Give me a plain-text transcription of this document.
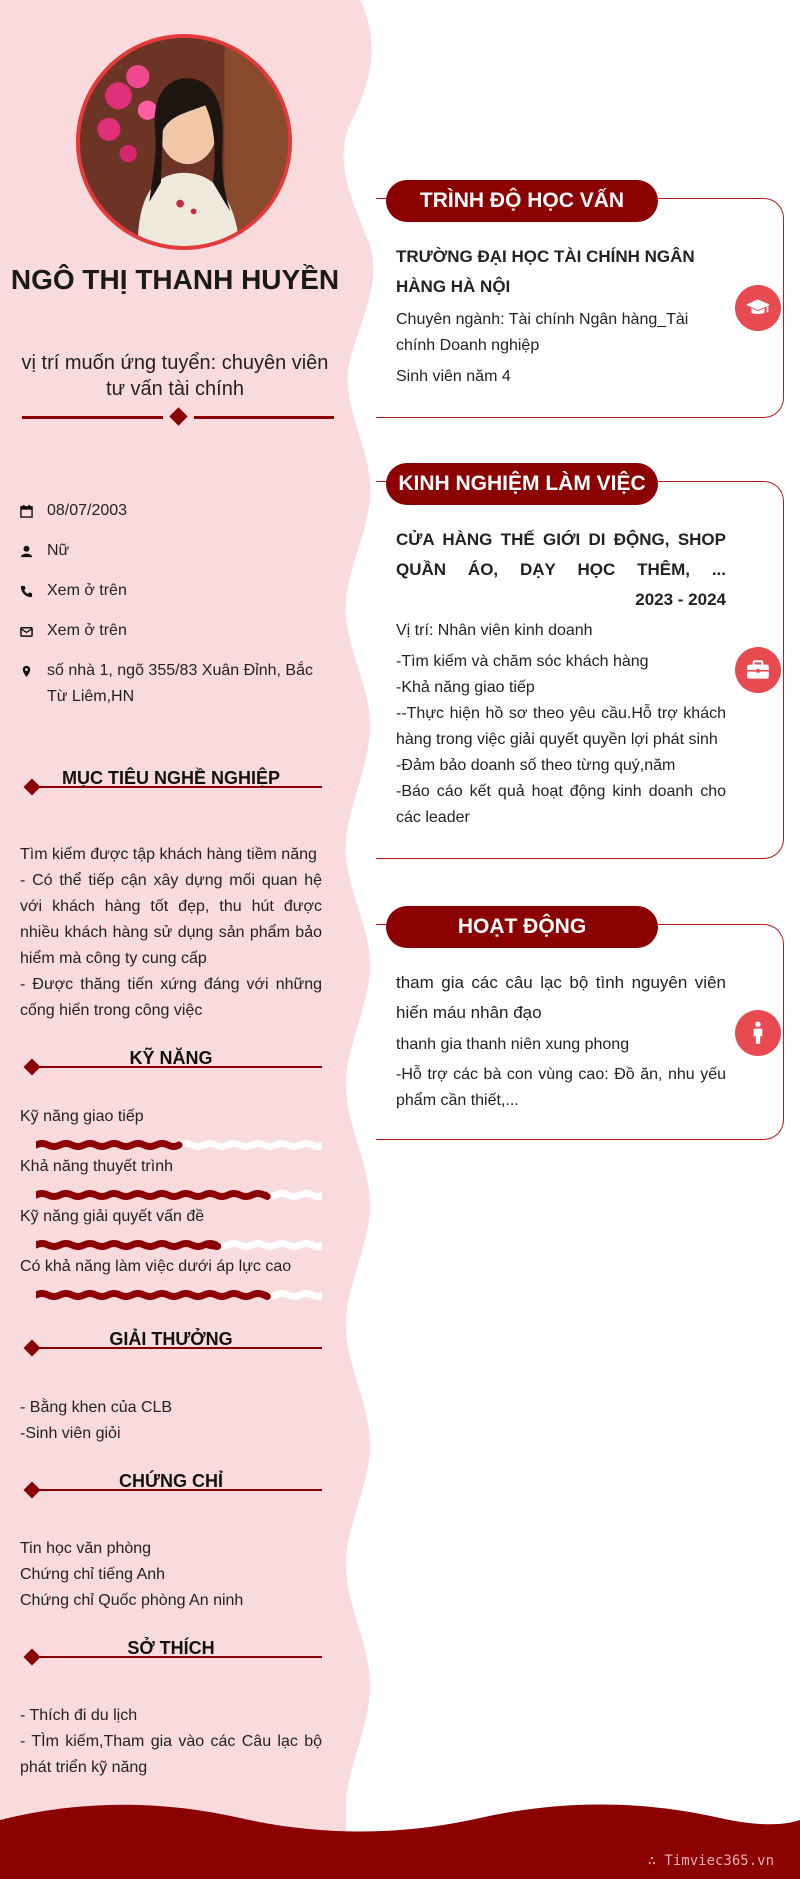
NGÔ THỊ THANH HUYỀN
vị trí muốn ứng tuyển: chuyên viên tư vấn tài chính
08/07/2003
Nữ
Xem ở trên
Xem ở trên
số nhà 1, ngõ 355/83 Xuân Đỉnh, Bắc Từ Liêm,HN
MỤC TIÊU NGHỀ NGHIỆP
Tìm kiếm được tập khách hàng tiềm năng
- Có thể tiếp cận xây dựng mối quan hệ với khách hàng tốt đẹp, thu hút được nhiều khách hàng sử dụng sản phẩm bảo hiểm mà công ty cung cấp
- Được thăng tiến xứng đáng với những cống hiến trong công việc
KỸ NĂNG
Kỹ năng giao tiếp
Khả năng thuyết trình
Kỹ năng giải quyết vấn đề
Có khả năng làm việc dưới áp lực cao
GIẢI THƯỞNG
- Bằng khen của CLB
-Sinh viên giỏi
CHỨNG CHỈ
Tin học văn phòng
Chứng chỉ tiếng Anh
Chứng chỉ Quốc phòng An ninh
SỞ THÍCH
- Thích đi du lịch
- TÌm kiếm,Tham gia vào các Câu lạc bộ phát triển kỹ năng
TRÌNH ĐỘ HỌC VẤN
TRƯỜNG ĐẠI HỌC TÀI CHÍNH NGÂN HÀNG HÀ NỘI
Chuyên ngành: Tài chính Ngân hàng_Tài chính Doanh nghiệp
Sinh viên năm 4
KINH NGHIỆM LÀM VIỆC
CỬA HÀNG THẾ GIỚI DI ĐỘNG, SHOP QUẦN ÁO, DẠY HỌC THÊM, ...
2023 - 2024
Vị trí: Nhân viên kinh doanh
-Tìm kiếm và chăm sóc khách hàng
-Khả năng giao tiếp
--Thực hiện hồ sơ theo yêu cầu.Hỗ trợ khách hàng trong việc giải quyết quyền lợi phát sinh
-Đảm bảo doanh số theo từng quý,năm
-Báo cáo kết quả hoạt động kinh doanh cho các leader
HOẠT ĐỘNG
tham gia các câu lạc bộ tình nguyên viên hiến máu nhân đạo
thanh gia thanh niên xung phong
-Hỗ trợ các bà con vùng cao: Đồ ăn, nhu yếu phẩm cần thiết,...
∴ Timviec365.vn
